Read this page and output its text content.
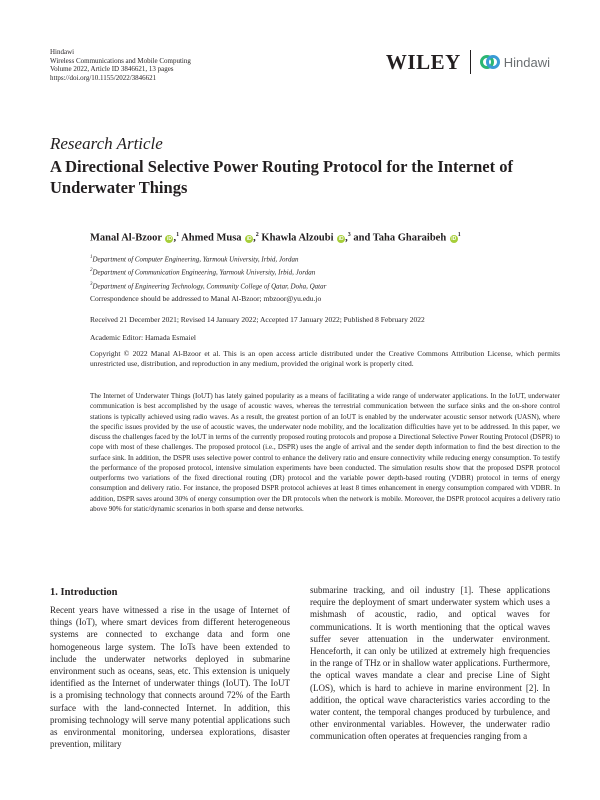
Hindawi
Wireless Communications and Mobile Computing
Volume 2022, Article ID 3846621, 13 pages
https://doi.org/10.1155/2022/3846621
WILEY	Hindawi
Research Article
A Directional Selective Power Routing Protocol for the Internet of Underwater Things
Manal Al-Bzoor iD ,$^1$ Ahmed Musa iD ,$^2$ Khawla Alzoubi iD ,$^3$ and Taha Gharaibeh $iD^1$
$^1$Department of Computer Engineering, Yarmouk University, Irbid, Jordan
$^2$Department of Communication Engineering, Yarmouk University, Irbid, Jordan
$^3$Department of Engineering Technology, Community College of Qatar, Doha, Qatar
Correspondence should be addressed to Manal Al-Bzoor; mbzoor@yu.edu.jo
Received 21 December 2021; Revised 14 January 2022; Accepted 17 January 2022; Published 8 February 2022
Academic Editor: Hamada Esmaiel
Copyright © 2022 Manal Al-Bzoor et al. This is an open access article distributed under the Creative Commons Attribution License, which permits unrestricted use, distribution, and reproduction in any medium, provided the original work is properly cited.
The Internet of Underwater Things (IoUT) has lately gained popularity as a means of facilitating a wide range of underwater applications. In the IoUT, underwater communication is best accomplished by the usage of acoustic waves, whereas the terrestrial communication between the surface sinks and the on-shore control stations is typically achieved using radio waves. As a result, the greatest portion of an IoUT is enabled by the underwater acoustic sensor network (UASN), where the specific issues provided by the use of acoustic waves, the underwater node mobility, and the localization difficulties have yet to be addressed. In this paper, we discuss the challenges faced by the IoUT in terms of the currently proposed routing protocols and propose a Directional Selective Power Routing Protocol (DSPR) to cope with most of these challenges. The proposed protocol (i.e., DSPR) uses the angle of arrival and the sender depth information to find the best direction to the surface sink. In addition, the DSPR uses selective power control to enhance the delivery ratio and ensure connectivity while reducing energy consumption. To testify the performance of the proposed protocol, intensive simulation experiments have been conducted. The simulation results show that the proposed DSPR protocol outperforms two variations of the fixed directional routing (DR) protocol and the variable power depth-based routing (VDBR) protocol in terms of energy consumption and delivery ratio. For instance, the proposed DSPR protocol achieves at least 8 times enhancement in energy consumption compared with VDBR. In addition, DSPR saves around 30% of energy consumption over the DR protocols when the network is mobile. Moreover, the DSPR protocol acquires a delivery ratio above 90% for static/dynamic scenarios in both sparse and dense networks.
1. Introduction
Recent years have witnessed a rise in the usage of Internet of things (IoT), where smart devices from different heterogeneous systems are connected to exchange data and form one homogeneous large system. The IoTs have been extended to include the underwater networks deployed in submarine environment such as oceans, seas, etc. This extension is uniquely identified as the Internet of underwater things (IoUT). The IoUT is a promising technology that connects around 72% of the Earth surface with the land-connected Internet. In addition, this promising technology will serve many potential applications such as environmental monitoring, undersea explorations, disaster prevention, military
submarine tracking, and oil industry [1]. These applications require the deployment of smart underwater system which uses a mishmash of acoustic, radio, and optical waves for communications. It is worth mentioning that the optical waves suffer sever attenuation in the underwater environment. Henceforth, it can only be utilized at extremely high frequencies in the range of THz or in shallow water applications. Furthermore, the optical waves mandate a clear and precise Line of Sight (LOS), which is hard to achieve in marine environment [2]. In addition, the optical wave characteristics varies according to the water content, the temporal changes produced by turbulence, and other environmental variables. However, the underwater radio communication often operates at frequencies ranging from a
